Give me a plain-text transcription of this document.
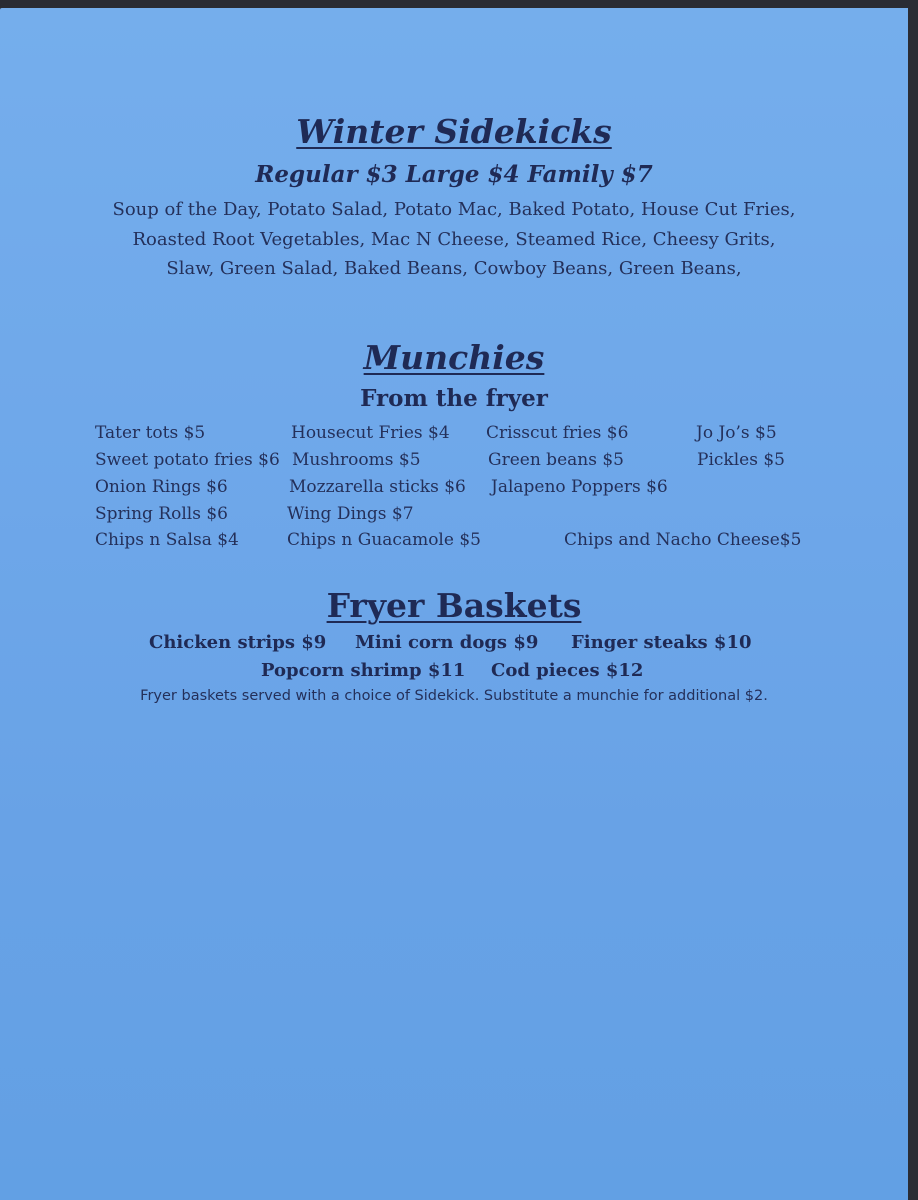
Winter Sidekicks
Regular $3 Large $4 Family $7
Soup of the Day, Potato Salad, Potato Mac, Baked Potato, House Cut Fries,
Roasted Root Vegetables, Mac N Cheese, Steamed Rice, Cheesy Grits,
Slaw, Green Salad, Baked Beans, Cowboy Beans, Green Beans,
Munchies
From the fryer
Tater tots $5	Housecut Fries $4 Crisscut fries $6	Jo Jo’s $5
Sweet potato fries $6 Mushrooms $5	Green beans $5	Pickles $5
Onion Rings $6	Mozzarella sticks $6 Jalapeno Poppers $6
Spring Rolls $6	Wing Dings $7
Chips n Salsa $4	Chips n Guacamole $5	Chips and Nacho Cheese$5
Fryer Baskets
Chicken strips $9 Mini corn dogs $9 Finger steaks $10
Popcorn shrimp $11 Cod pieces $12
Fryer baskets served with a choice of Sidekick. Substitute a munchie for additional $2.
